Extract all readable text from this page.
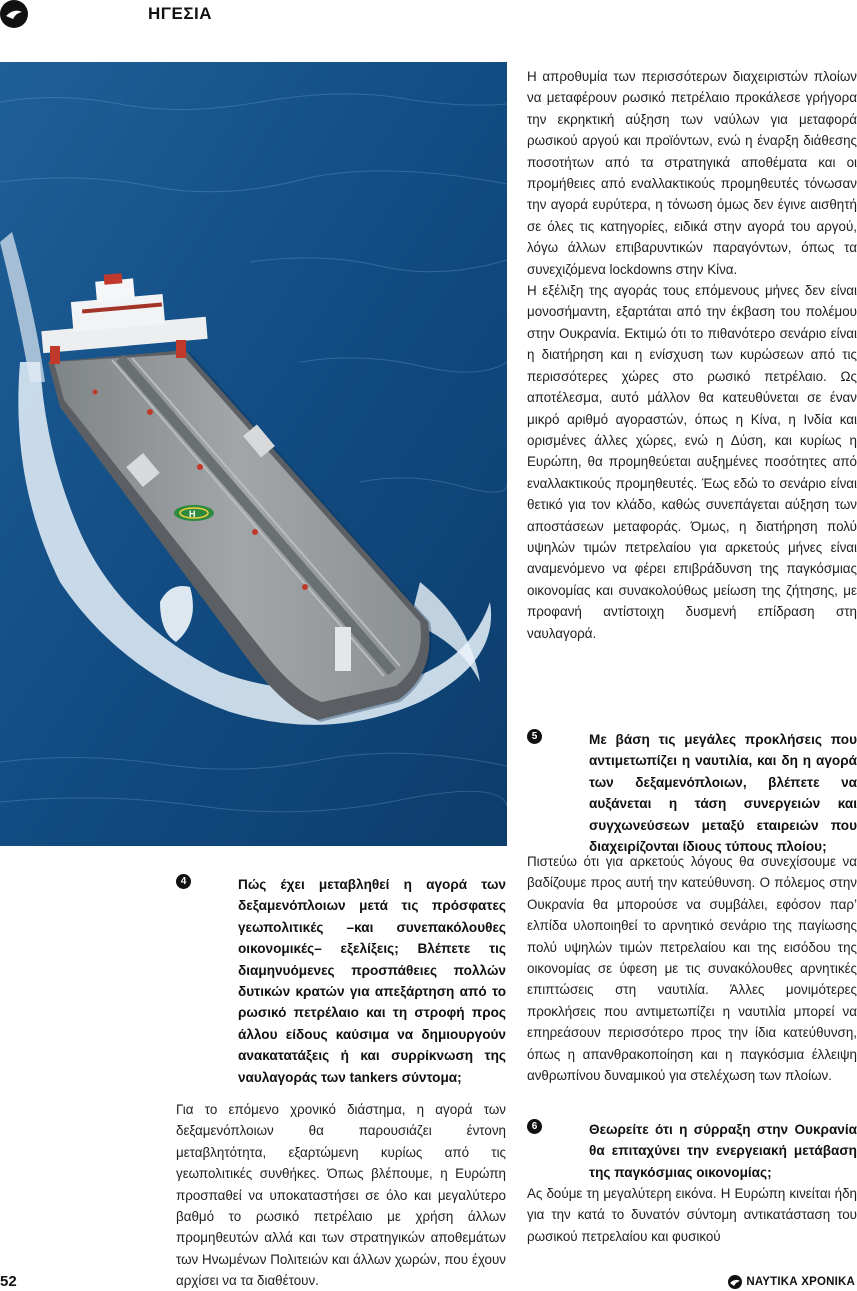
ΗΓΕΣΙΑ
H
4	Πώς έχει μεταβληθεί η αγορά των δεξαμενόπλοιων μετά τις πρόσφατες γεωπολιτικές –και συνεπακόλουθες οικονομικές– εξελίξεις; Βλέπετε τις διαμηνυόμενες προσπάθειες πολλών δυτικών κρατών για απεξάρτηση από το ρωσικό πετρέλαιο και τη στροφή προς άλλου είδους καύσιμα να δημιουργούν ανακατατάξεις ή και συρρίκνωση της ναυλαγοράς των tankers σύντομα;

Για το επόμενο χρονικό διάστημα, η αγορά των δεξαμενόπλοιων θα παρουσιάζει έντονη μεταβλητότητα, εξαρτώμενη κυρίως από τις γεωπολιτικές συνθήκες. Όπως βλέπουμε, η Ευρώπη προσπαθεί να υποκαταστήσει σε όλο και μεγαλύτερο βαθμό το ρωσικό πετρέλαιο με χρήση άλλων προμηθευτών αλλά και των στρατηγικών αποθεμάτων των Ηνωμένων Πολιτειών και άλλων χωρών, που έχουν αρχίσει να τα διαθέτουν.

Η απροθυμία των περισσότερων διαχειριστών πλοίων να μεταφέρουν ρωσικό πετρέλαιο προκάλεσε γρήγορα την εκρηκτική αύξηση των ναύλων για μεταφορά ρωσικού αργού και προϊόντων, ενώ η έναρξη διάθεσης ποσοτήτων από τα στρατηγικά αποθέματα και οι προμήθειες από εναλλακτικούς προμηθευτές τόνωσαν την αγορά ευρύτερα, η τόνωση όμως δεν έγινε αισθητή σε όλες τις κατηγορίες, ειδικά στην αγορά του αργού, λόγω άλλων επιβαρυντικών παραγόντων, όπως τα συνεχιζόμενα lockdowns στην Κίνα.

Η εξέλιξη της αγοράς τους επόμενους μήνες δεν είναι μονοσήμαντη, εξαρτάται από την έκβαση του πολέμου στην Ουκρανία. Εκτιμώ ότι το πιθανότερο σενάριο είναι η διατήρηση και η ενίσχυση των κυρώσεων από τις περισσότερες χώρες στο ρωσικό πετρέλαιο. Ως αποτέλεσμα, αυτό μάλλον θα κατευθύνεται σε έναν μικρό αριθμό αγοραστών, όπως η Κίνα, η Ινδία και ορισμένες άλλες χώρες, ενώ η Δύση, και κυρίως η Ευρώπη, θα προμηθεύεται αυξημένες ποσότητες από εναλλακτικούς προμηθευτές. Έως εδώ το σενάριο είναι θετικό για τον κλάδο, καθώς συνεπάγεται αύξηση των αποστάσεων μεταφοράς. Όμως, η διατήρηση πολύ υψηλών τιμών πετρελαίου για αρκετούς μήνες είναι αναμενόμενο να φέρει επιβράδυνση της παγκόσμιας οικονομίας και συνακολούθως μείωση της ζήτησης, με προφανή αντίστοιχη δυσμενή επίδραση στη ναυλαγορά.

5	Με βάση τις μεγάλες προκλήσεις που αντιμετωπίζει η ναυτιλία, και δη η αγορά των δεξαμενόπλοιων, βλέπετε να αυξάνεται η τάση συνεργειών και συγχωνεύσεων μεταξύ εταιρειών που διαχειρίζονται ίδιους τύπους πλοίου;

Πιστεύω ότι για αρκετούς λόγους θα συνεχίσουμε να βαδίζουμε προς αυτή την κατεύθυνση. Ο πόλεμος στην Ουκρανία θα μπορούσε να συμβάλει, εφόσον παρ’ ελπίδα υλοποιηθεί το αρνητικό σενάριο της παγίωσης πολύ υψηλών τιμών πετρελαίου και της εισόδου της οικονομίας σε ύφεση με τις συνακόλουθες αρνητικές επιπτώσεις στη ναυτιλία. Άλλες μονιμότερες προκλήσεις που αντιμετωπίζει η ναυτιλία μπορεί να επηρεάσουν περισσότερο προς την ίδια κατεύθυνση, όπως η απανθρακοποίηση και η παγκόσμια έλλειψη ανθρωπίνου δυναμικού για στελέχωση των πλοίων.

6	Θεωρείτε ότι η σύρραξη στην Ουκρανία θα επιταχύνει την ενεργειακή μετάβαση της παγκόσμιας οικονομίας;

Ας δούμε τη μεγαλύτερη εικόνα. Η Ευρώπη κινείται ήδη για την κατά το δυνατόν σύντομη αντικατάσταση του ρωσικού πετρελαίου και φυσικού

52	ΝΑΥΤΙΚΑ ΧΡΟΝΙΚΑ
